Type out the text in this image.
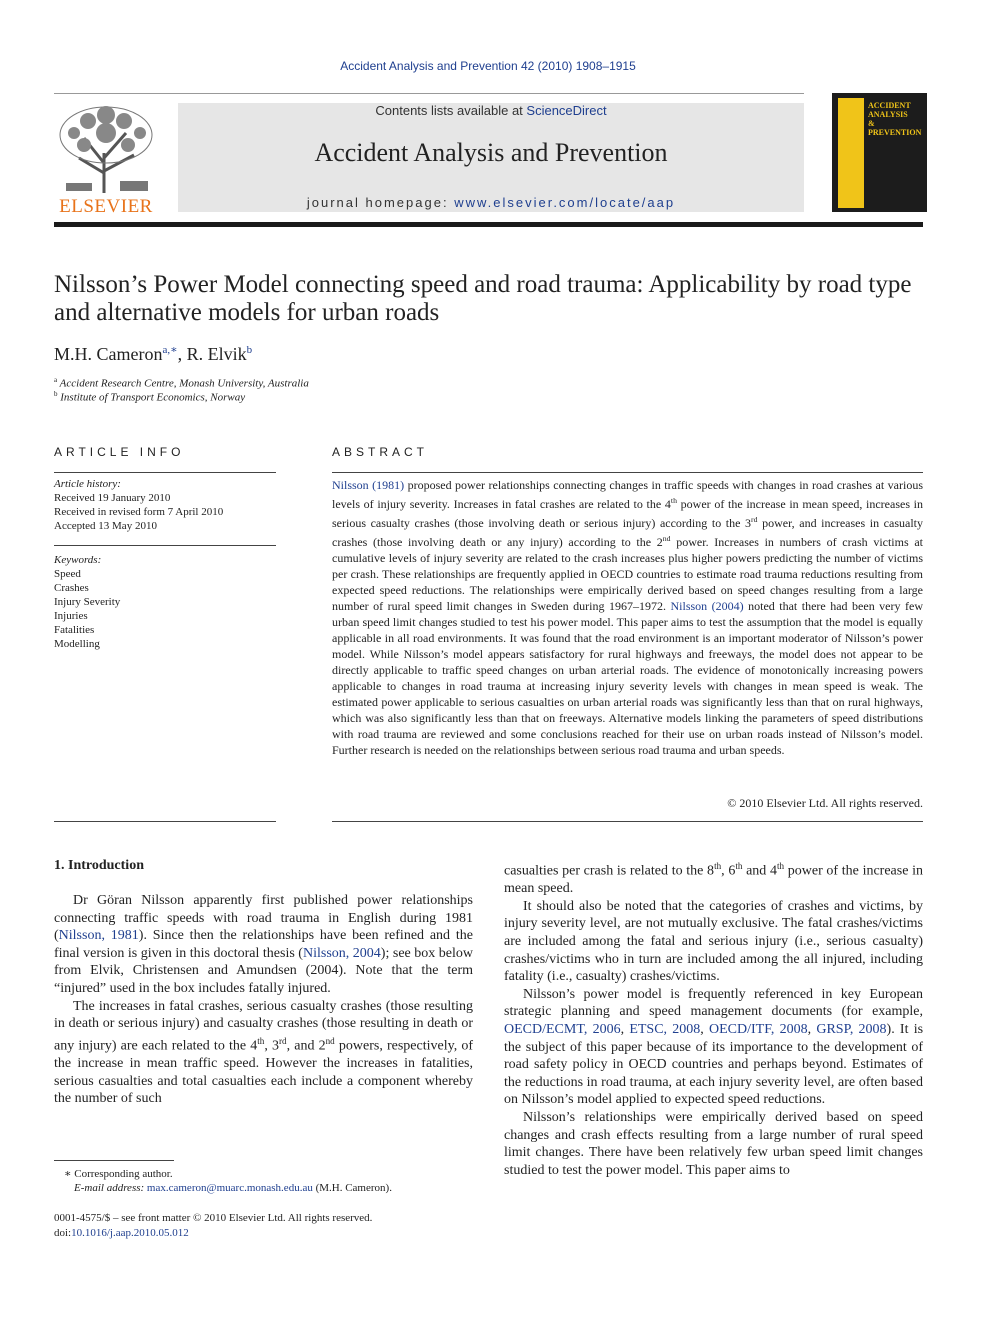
Accident Analysis and Prevention 42 (2010) 1908–1915
ELSEVIER
Contents lists available at ScienceDirect
Accident Analysis and Prevention
journal homepage: www.elsevier.com/locate/aap
ACCIDENT
ANALYSIS
&
PREVENTION
Nilsson’s Power Model connecting speed and road trauma: Applicability by road type and alternative models for urban roads
M.H. Cameron$^{a,∗}$, R. Elvik$^b$
$^a$ Accident Research Centre, Monash University, Australia
$^b$ Institute of Transport Economics, Norway
ARTICLE INFO
Article history:
Received 19 January 2010
Received in revised form 7 April 2010
Accepted 13 May 2010
Keywords:
Speed
Crashes
Injury Severity
Injuries
Fatalities
Modelling
ABSTRACT
Nilsson (1981) proposed power relationships connecting changes in traffic speeds with changes in road crashes at various levels of injury severity. Increases in fatal crashes are related to the 4th power of the increase in mean speed, increases in serious casualty crashes (those involving death or serious injury) according to the 3rd power, and increases in casualty crashes (those involving death or any injury) according to the 2nd power. Increases in numbers of crash victims at cumulative levels of injury severity are related to the crash increases plus higher powers predicting the number of victims per crash. These relationships are frequently applied in OECD countries to estimate road trauma reductions resulting from expected speed reductions. The relationships were empirically derived based on speed changes resulting from a large number of rural speed limit changes in Sweden during 1967–1972. Nilsson (2004) noted that there had been very few urban speed limit changes studied to test his power model. This paper aims to test the assumption that the model is equally applicable in all road environments. It was found that the road environment is an important moderator of Nilsson’s power model. While Nilsson’s model appears satisfactory for rural highways and freeways, the model does not appear to be directly applicable to traffic speed changes on urban arterial roads. The evidence of monotonically increasing powers applicable to changes in road trauma at increasing injury severity levels with changes in mean speed is weak. The estimated power applicable to serious casualties on urban arterial roads was significantly less than that on rural highways, which was also significantly less than that on freeways. Alternative models linking the parameters of speed distributions with road trauma are reviewed and some conclusions reached for their use on urban roads instead of Nilsson’s model. Further research is needed on the relationships between serious road trauma and urban speeds.
© 2010 Elsevier Ltd. All rights reserved.
1. Introduction

Dr Göran Nilsson apparently first published power relationships connecting traffic speeds with road trauma in English during 1981 (Nilsson, 1981). Since then the relationships have been refined and the final version is given in this doctoral thesis (Nilsson, 2004); see box below from Elvik, Christensen and Amundsen (2004). Note that the term “injured” used in the box includes fatally injured.

The increases in fatal crashes, serious casualty crashes (those resulting in death or serious injury) and casualty crashes (those resulting in death or any injury) are each related to the 4th, 3rd, and 2nd powers, respectively, of the increase in mean traffic speed. However the increases in fatalities, serious casualties and total casualties each include a component whereby the number of such

casualties per crash is related to the 8th, 6th and 4th power of the increase in mean speed.

It should also be noted that the categories of crashes and victims, by injury severity level, are not mutually exclusive. The fatal crashes/victims are included among the fatal and serious injury (i.e., serious casualty) crashes/victims who in turn are included among the all injured, including fatality (i.e., casualty) crashes/victims.

Nilsson’s power model is frequently referenced in key European strategic planning and speed management documents (for example, OECD/ECMT, 2006, ETSC, 2008, OECD/ITF, 2008, GRSP, 2008). It is the subject of this paper because of its importance to the development of road safety policy in OECD countries and perhaps beyond. Estimates of the reductions in road trauma, at each injury severity level, are often based on Nilsson’s model applied to expected speed reductions.

Nilsson’s relationships were empirically derived based on speed changes and crash effects resulting from a large number of rural speed limit changes. There have been relatively few urban speed limit changes studied to test the power model. This paper aims to

∗ Corresponding author.
E-mail address: max.cameron@muarc.monash.edu.au (M.H. Cameron).
0001-4575/$ – see front matter © 2010 Elsevier Ltd. All rights reserved.
doi:10.1016/j.aap.2010.05.012
